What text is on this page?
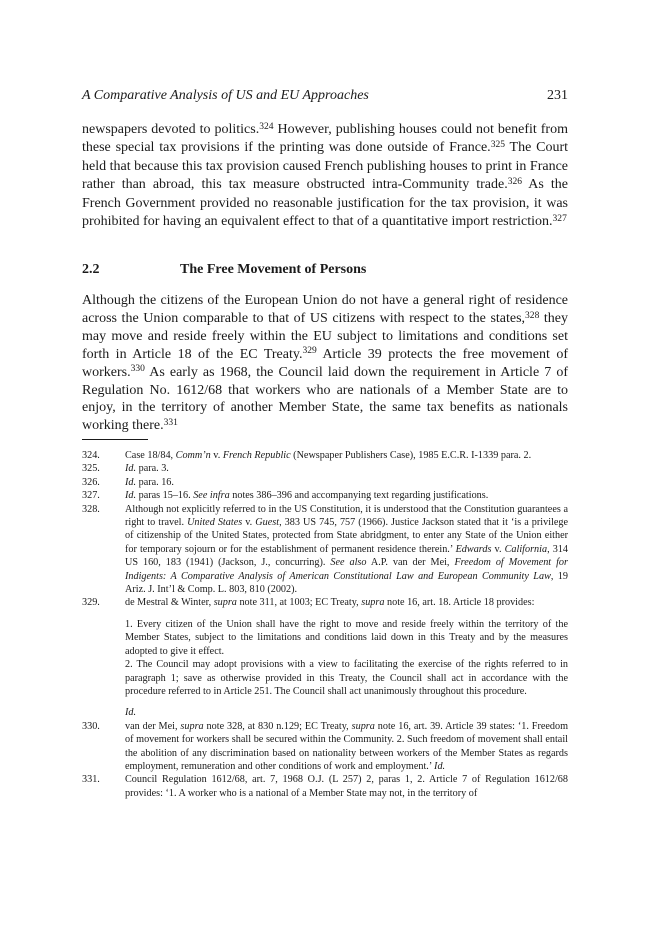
A Comparative Analysis of US and EU Approaches	231

newspapers devoted to politics.$^{324}$ However, publishing houses could not benefit from these special tax provisions if the printing was done outside of France.$^{325}$ The Court held that because this tax provision caused French publishing houses to print in France rather than abroad, this tax measure obstructed intra-Community trade.$^{326}$ As the French Government provided no reasonable justification for the tax provision, it was prohibited for having an equivalent effect to that of a quantitative import restriction.$^{327}$

2.2	The Free Movement of Persons

Although the citizens of the European Union do not have a general right of residence across the Union comparable to that of US citizens with respect to the states,$^{328}$ they may move and reside freely within the EU subject to limitations and conditions set forth in Article 18 of the EC Treaty.$^{329}$ Article 39 protects the free movement of workers.$^{330}$ As early as 1968, the Council laid down the requirement in Article 7 of Regulation No. 1612/68 that workers who are nationals of a Member State are to enjoy, in the territory of another Member State, the same tax benefits as nationals working there.$^{331}$

324.	Case 18/84, Comm’n v. French Republic (Newspaper Publishers Case), 1985 E.C.R. I-1339 para. 2.
325.	Id. para. 3.
326.	Id. para. 16.
327.	Id. paras 15–16. See infra notes 386–396 and accompanying text regarding justifications.
328.	Although not explicitly referred to in the US Constitution, it is understood that the Constitution guarantees a right to travel. United States v. Guest, 383 US 745, 757 (1966). Justice Jackson stated that it ‘is a privilege of citizenship of the United States, protected from State abridgment, to enter any State of the Union either for temporary sojourn or for the establishment of permanent residence therein.’ Edwards v. California, 314 US 160, 183 (1941) (Jackson, J., concurring). See also A.P. van der Mei, Freedom of Movement for Indigents: A Comparative Analysis of American Constitutional Law and European Community Law, 19 Ariz. J. Int’l & Comp. L. 803, 810 (2002).
329.	de Mestral & Winter, supra note 311, at 1003; EC Treaty, supra note 16, art. 18. Article 18 provides:
1. Every citizen of the Union shall have the right to move and reside freely within the territory of the Member States, subject to the limitations and conditions laid down in this Treaty and by the measures adopted to give it effect.
2. The Council may adopt provisions with a view to facilitating the exercise of the rights referred to in paragraph 1; save as otherwise provided in this Treaty, the Council shall act in accordance with the procedure referred to in Article 251. The Council shall act unanimously throughout this procedure.
Id.
330.	van der Mei, supra note 328, at 830 n.129; EC Treaty, supra note 16, art. 39. Article 39 states: ‘1. Freedom of movement for workers shall be secured within the Community. 2. Such freedom of movement shall entail the abolition of any discrimination based on nationality between workers of the Member States as regards employment, remuneration and other conditions of work and employment.’ Id.
331.	Council Regulation 1612/68, art. 7, 1968 O.J. (L 257) 2, paras 1, 2. Article 7 of Regulation 1612/68 provides: ‘1. A worker who is a national of a Member State may not, in the territory of
